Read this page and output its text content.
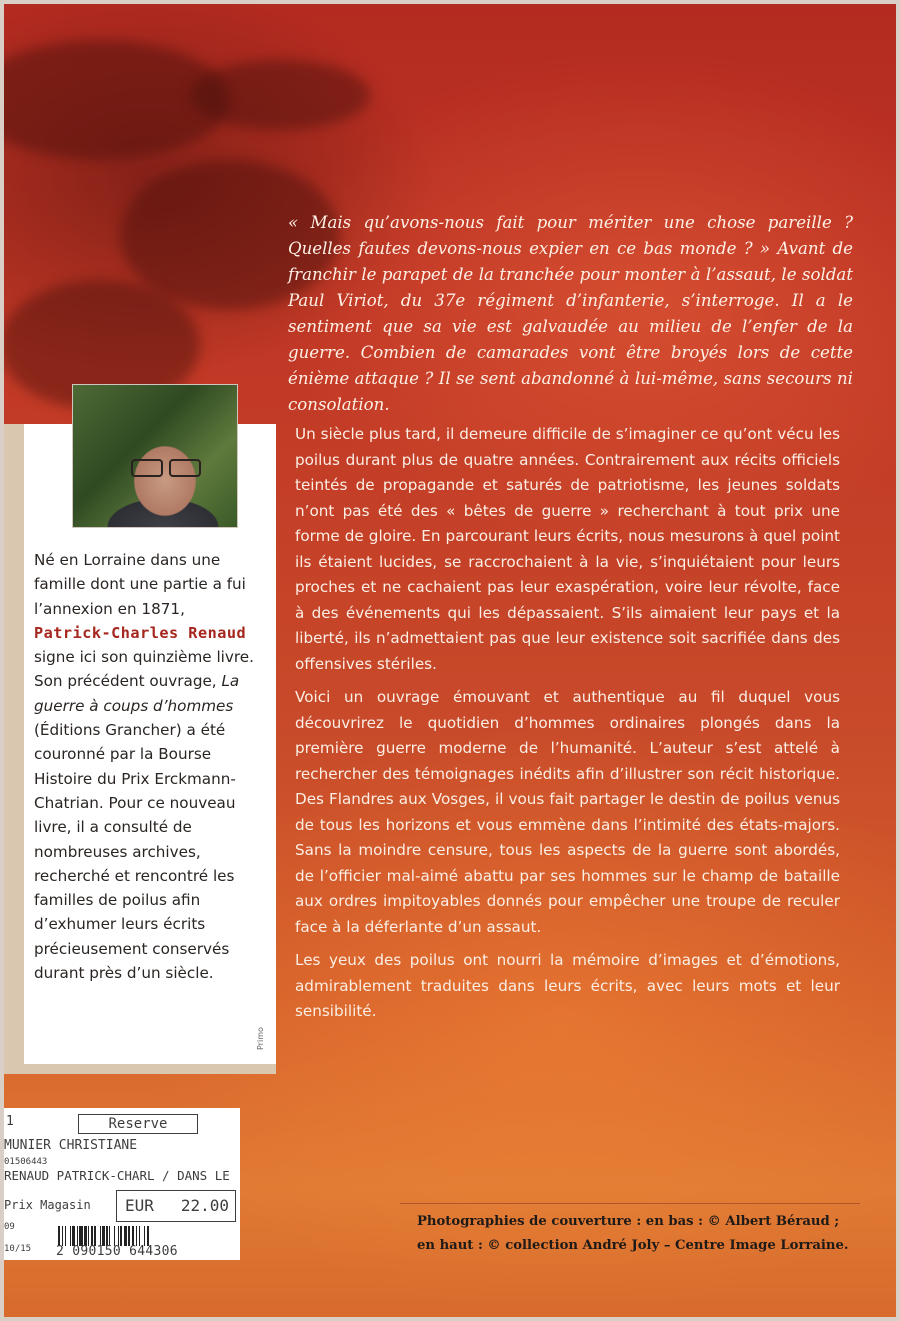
« Mais qu’avons-nous fait pour mériter une chose pareille ? Quelles fautes devons-nous expier en ce bas monde ? » Avant de franchir le parapet de la tranchée pour monter à l’assaut, le soldat Paul Viriot, du 37e régiment d’infanterie, s’interroge. Il a le sentiment que sa vie est galvaudée au milieu de l’enfer de la guerre. Combien de camarades vont être broyés lors de cette énième attaque ? Il se sent abandonné à lui-même, sans secours ni consolation.
Né en Lorraine dans une famille dont une partie a fui l’annexion en 1871, Patrick-Charles Renaud signe ici son quinzième livre. Son précédent ouvrage, La guerre à coups d’hommes (Éditions Grancher) a été couronné par la Bourse Histoire du Prix Erckmann-Chatrian. Pour ce nouveau livre, il a consulté de nombreuses archives, recherché et rencontré les familles de poilus afin d’exhumer leurs écrits précieusement conservés durant près d’un siècle.
Primo

Un siècle plus tard, il demeure difficile de s’imaginer ce qu’ont vécu les poilus durant plus de quatre années. Contrairement aux récits officiels teintés de propagande et saturés de patriotisme, les jeunes soldats n’ont pas été des « bêtes de guerre » recherchant à tout prix une forme de gloire. En parcourant leurs écrits, nous mesurons à quel point ils étaient lucides, se raccrochaient à la vie, s’inquiétaient pour leurs proches et ne cachaient pas leur exaspération, voire leur révolte, face à des événements qui les dépassaient. S’ils aimaient leur pays et la liberté, ils n’admettaient pas que leur existence soit sacrifiée dans des offensives stériles.

Voici un ouvrage émouvant et authentique au fil duquel vous découvrirez le quotidien d’hommes ordinaires plongés dans la première guerre moderne de l’humanité. L’auteur s’est attelé à rechercher des témoignages inédits afin d’illustrer son récit historique. Des Flandres aux Vosges, il vous fait partager le destin de poilus venus de tous les horizons et vous emmène dans l’intimité des états-majors. Sans la moindre censure, tous les aspects de la guerre sont abordés, de l’officier mal-aimé abattu par ses hommes sur le champ de bataille aux ordres impitoyables donnés pour empêcher une troupe de reculer face à la déferlante d’un assaut.

Les yeux des poilus ont nourri la mémoire d’images et d’émotions, admirablement traduites dans leurs écrits, avec leurs mots et leur sensibilité.

1	Reserve
MUNIER CHRISTIANE
01506443
RENAUD PATRICK-CHARL / DANS LE
Prix Magasin EUR 22.00
09
10/15 2 090150 644306
Photographies de couverture : en bas : © Albert Béraud ;
en haut : © collection André Joly – Centre Image Lorraine.
